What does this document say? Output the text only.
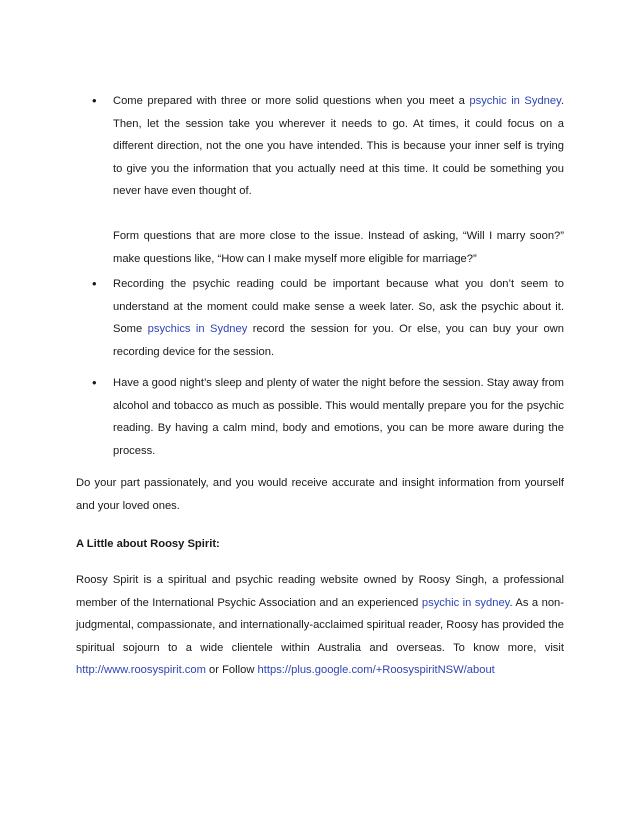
• Come prepared with three or more solid questions when you meet a psychic in Sydney. Then, let the session take you wherever it needs to go. At times, it could focus on a different direction, not the one you have intended. This is because your inner self is trying to give you the information that you actually need at this time. It could be something you never have even thought of.

Form questions that are more close to the issue. Instead of asking, “Will I marry soon?” make questions like, “How can I make myself more eligible for marriage?”

• Recording the psychic reading could be important because what you don’t seem to understand at the moment could make sense a week later. So, ask the psychic about it. Some psychics in Sydney record the session for you. Or else, you can buy your own recording device for the session.

• Have a good night’s sleep and plenty of water the night before the session. Stay away from alcohol and tobacco as much as possible. This would mentally prepare you for the psychic reading. By having a calm mind, body and emotions, you can be more aware during the process.

Do your part passionately, and you would receive accurate and insight information from yourself and your loved ones.

A Little about Roosy Spirit:

Roosy Spirit is a spiritual and psychic reading website owned by Roosy Singh, a professional member of the International Psychic Association and an experienced psychic in sydney. As a non-judgmental, compassionate, and internationally-acclaimed spiritual reader, Roosy has provided the spiritual sojourn to a wide clientele within Australia and overseas. To know more, visit http://www.roosyspirit.com or Follow https://plus.google.com/+RoosyspiritNSW/about
